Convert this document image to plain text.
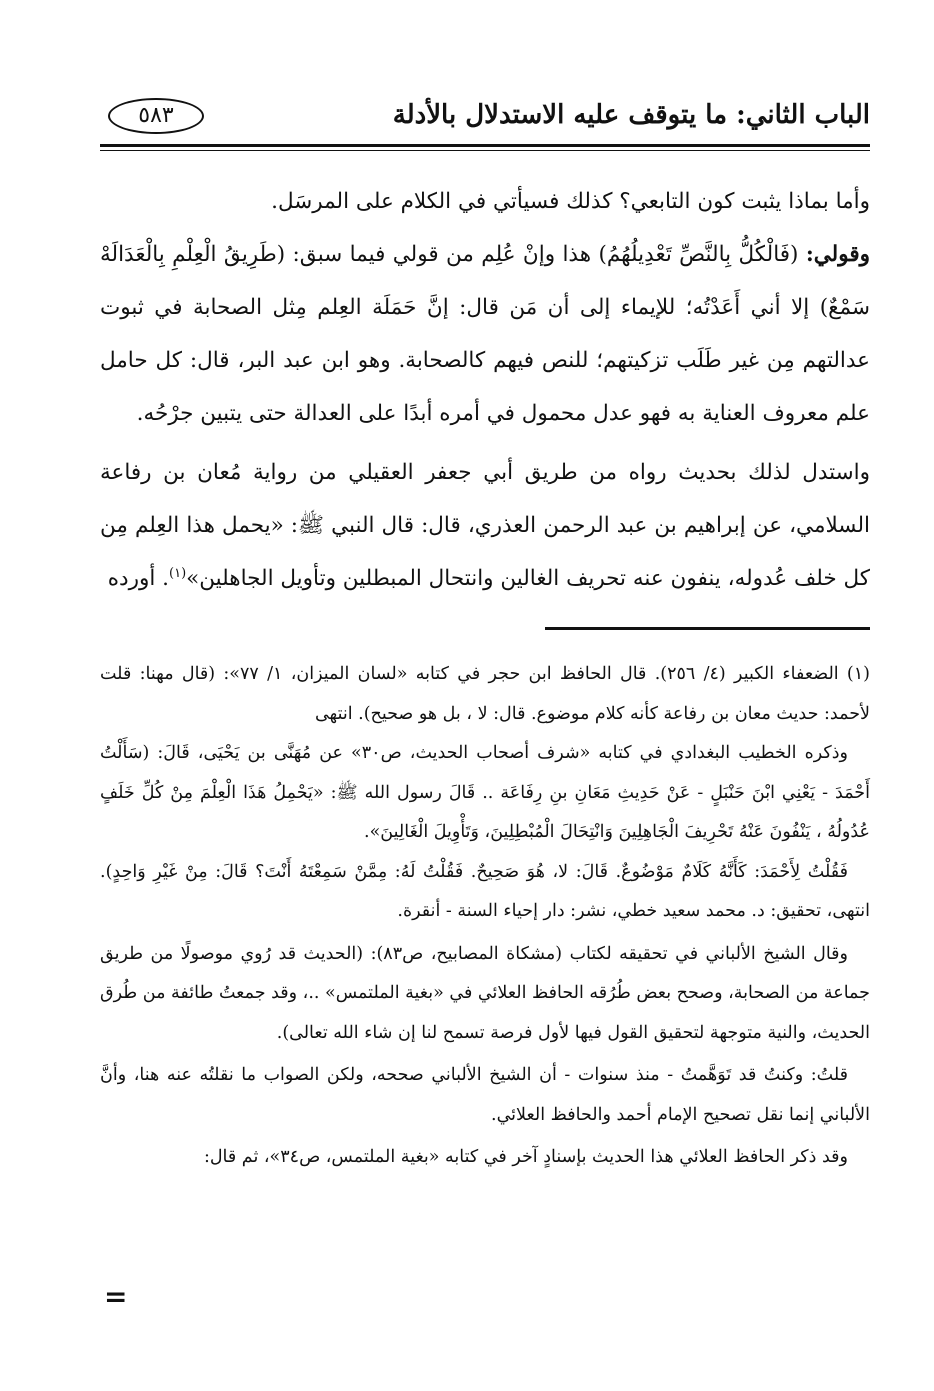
الباب الثاني: ما يتوقف عليه الاستدلال بالأدلة
٥٨٣

وأما بماذا يثبت كون التابعي؟ كذلك فسيأتي في الكلام على المرسَل.

وقولي: (فَالْكُلُّ بِالنَّصِّ تَعْدِيلُهُمُ) هذا وإنْ عُلِم من قولي فيما سبق: (طَرِيقُ الْعِلْمِ بِالْعَدَالَهْ سَمْعٌ) إلا أني أَعَدْتُه؛ للإيماء إلى أن مَن قال: إنَّ حَمَلَة العِلم مِثل الصحابة في ثبوت عدالتهم مِن غير طَلَب تزكيتهم؛ للنص فيهم كالصحابة. وهو ابن عبد البر، قال: كل حامل علم معروف العناية به فهو عدل محمول في أمره أبدًا على العدالة حتى يتبين جرْحُه.

واستدل لذلك بحديث رواه من طريق أبي جعفر العقيلي من رواية مُعان بن رفاعة السلامي، عن إبراهيم بن عبد الرحمن العذري، قال: قال النبي ﷺ: «يحمل هذا العِلم مِن كل خلف عُدوله، ينفون عنه تحريف الغالين وانتحال المبطلين وتأويل الجاهلين»$^{(١)}$. أورده

(١) الضعفاء الكبير (٤/ ٢٥٦). قال الحافظ ابن حجر في كتابه «لسان الميزان، ١/ ٧٧»: (قال مهنا: قلت لأحمد: حديث معان بن رفاعة كأنه كلام موضوع. قال: لا ، بل هو صحيح). انتهى

وذكره الخطيب البغدادي في كتابه «شرف أصحاب الحديث، ص٣٠» عن مُهَنَّى بن يَحْيَى، قَالَ: (سَأَلْتُ أَحْمَدَ - يَعْنِي ابْنَ حَنْبَلٍ - عَنْ حَدِيثِ مَعَانِ بنِ رِفَاعَة .. قَالَ رسول الله ﷺ: «يَحْمِلُ هَذَا الْعِلْمَ مِنْ كُلِّ خَلَفٍ عُدُولُهُ ، يَنْفُونَ عَنْهُ تَحْرِيفَ الْجَاهِلِينَ وَانْتِحَالَ الْمُبْطِلِينَ، وَتَأْوِيلَ الْغَالِينَ».

فَقُلْتُ لِأَحْمَدَ: كَأَنَّهُ كَلَامٌ مَوْضُوعٌ. قَالَ: لا، هُوَ صَحِيحٌ. فَقُلْتُ لَهُ: مِمَّنْ سَمِعْتَهُ أَنْتَ؟ قَالَ: مِنْ غَيْرِ وَاحِدٍ). انتهى، تحقيق: د. محمد سعيد خطي، نشر: دار إحياء السنة - أنقرة.

وقال الشيخ الألباني في تحقيقه لكتاب (مشكاة المصابيح، ص٨٣): (الحديث قد رُوي موصولًا من طريق جماعة من الصحابة، وصحح بعض طُرُقه الحافظ العلائي في «بغية الملتمس» ..، وقد جمعتُ طائفة من طُرق الحديث، والنية متوجهة لتحقيق القول فيها لأول فرصة تسمح لنا إن شاء الله تعالى).

قلتُ: وكنتُ قد تَوَهَّمتُ - منذ سنوات - أن الشيخ الألباني صححه، ولكن الصواب ما نقلتُه عنه هنا، وأنَّ الألباني إنما نقل تصحيح الإمام أحمد والحافظ العلائي.

وقد ذكر الحافظ العلائي هذا الحديث بإسنادٍ آخر في كتابه «بغية الملتمس، ص٣٤»، ثم قال:

=
